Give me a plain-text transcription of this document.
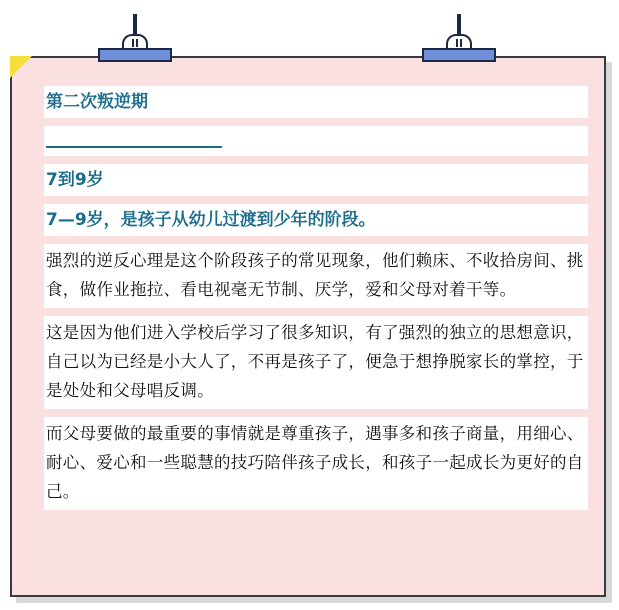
第二次叛逆期
7到9岁
7—9岁，是孩子从幼儿过渡到少年的阶段。
强烈的逆反心理是这个阶段孩子的常见现象，他们赖床、不收拾房间、挑食，做作业拖拉、看电视毫无节制、厌学，爱和父母对着干等。
这是因为他们进入学校后学习了很多知识，有了强烈的独立的思想意识，自己以为已经是小大人了，不再是孩子了，便急于想挣脱家长的掌控，于是处处和父母唱反调。
而父母要做的最重要的事情就是尊重孩子，遇事多和孩子商量，用细心、耐心、爱心和一些聪慧的技巧陪伴孩子成长，和孩子一起成长为更好的自己。
